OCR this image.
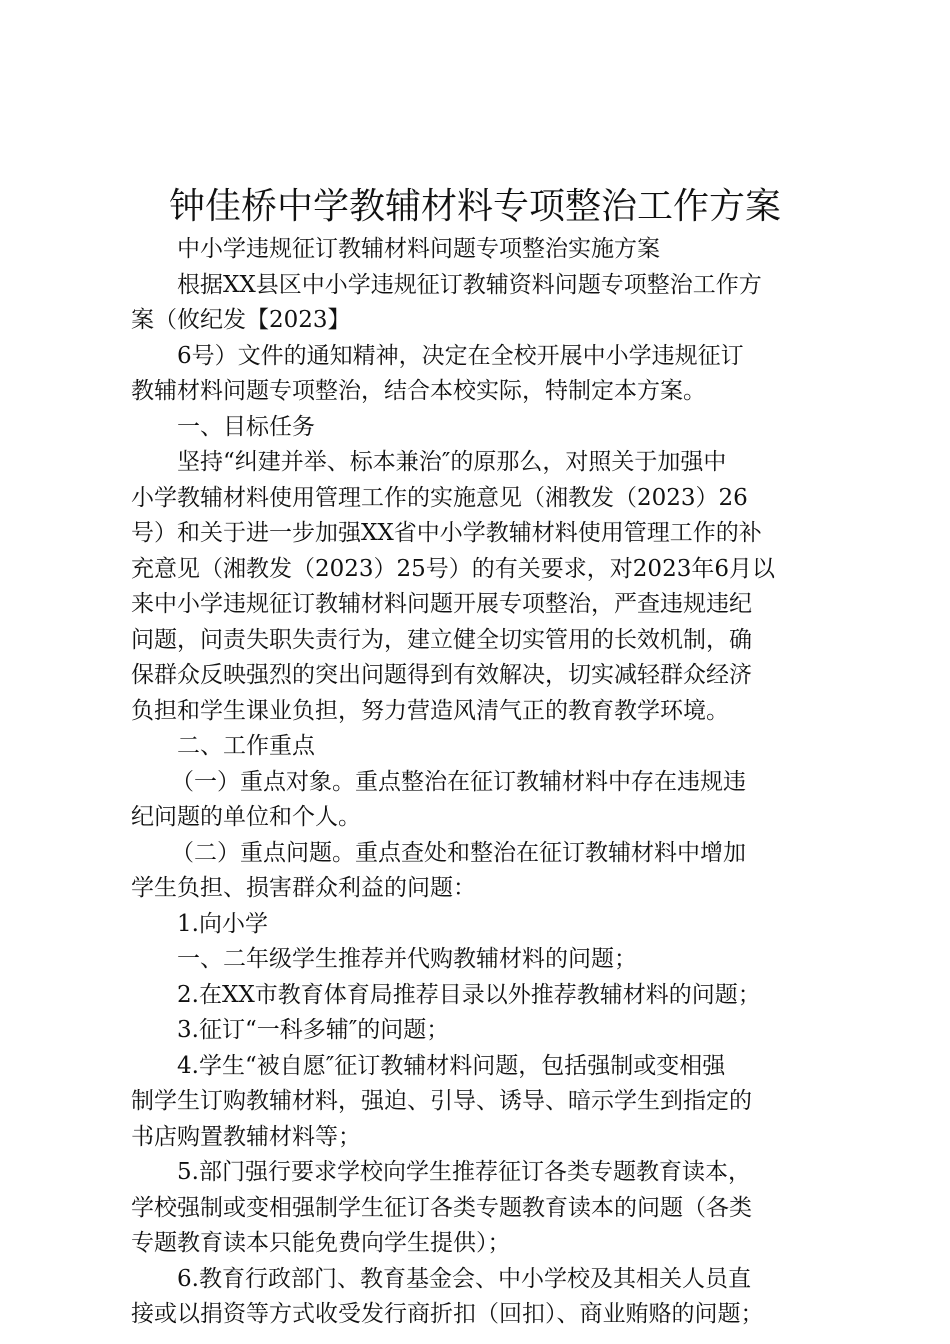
钟佳桥中学教辅材料专项整治工作方案
中小学违规征订教辅材料问题专项整治实施方案
根据XX县区中小学违规征订教辅资料问题专项整治工作方
案（攸纪发【2023】
6号）文件的通知精神，决定在全校开展中小学违规征订
教辅材料问题专项整治，结合本校实际，特制定本方案。
一、目标任务
坚持“纠建并举、标本兼治″的原那么，对照关于加强中
小学教辅材料使用管理工作的实施意见（湘教发（2023）26
号）和关于进一步加强XX省中小学教辅材料使用管理工作的补
充意见（湘教发（2023）25号）的有关要求，对2023年6月以
来中小学违规征订教辅材料问题开展专项整治，严查违规违纪
问题，问责失职失责行为，建立健全切实管用的长效机制，确
保群众反映强烈的突出问题得到有效解决，切实减轻群众经济
负担和学生课业负担，努力营造风清气正的教育教学环境。
二、工作重点
（一）重点对象。重点整治在征订教辅材料中存在违规违
纪问题的单位和个人。
（二）重点问题。重点查处和整治在征订教辅材料中增加
学生负担、损害群众利益的问题：
1.向小学
一、二年级学生推荐并代购教辅材料的问题；
2.在XX市教育体育局推荐目录以外推荐教辅材料的问题；
3.征订“一科多辅″的问题；
4.学生“被自愿″征订教辅材料问题，包括强制或变相强
制学生订购教辅材料，强迫、引导、诱导、暗示学生到指定的
书店购置教辅材料等；
5.部门强行要求学校向学生推荐征订各类专题教育读本，
学校强制或变相强制学生征订各类专题教育读本的问题（各类
专题教育读本只能免费向学生提供）；
6.教育行政部门、教育基金会、中小学校及其相关人员直
接或以捐资等方式收受发行商折扣（回扣）、商业贿赂的问题；
